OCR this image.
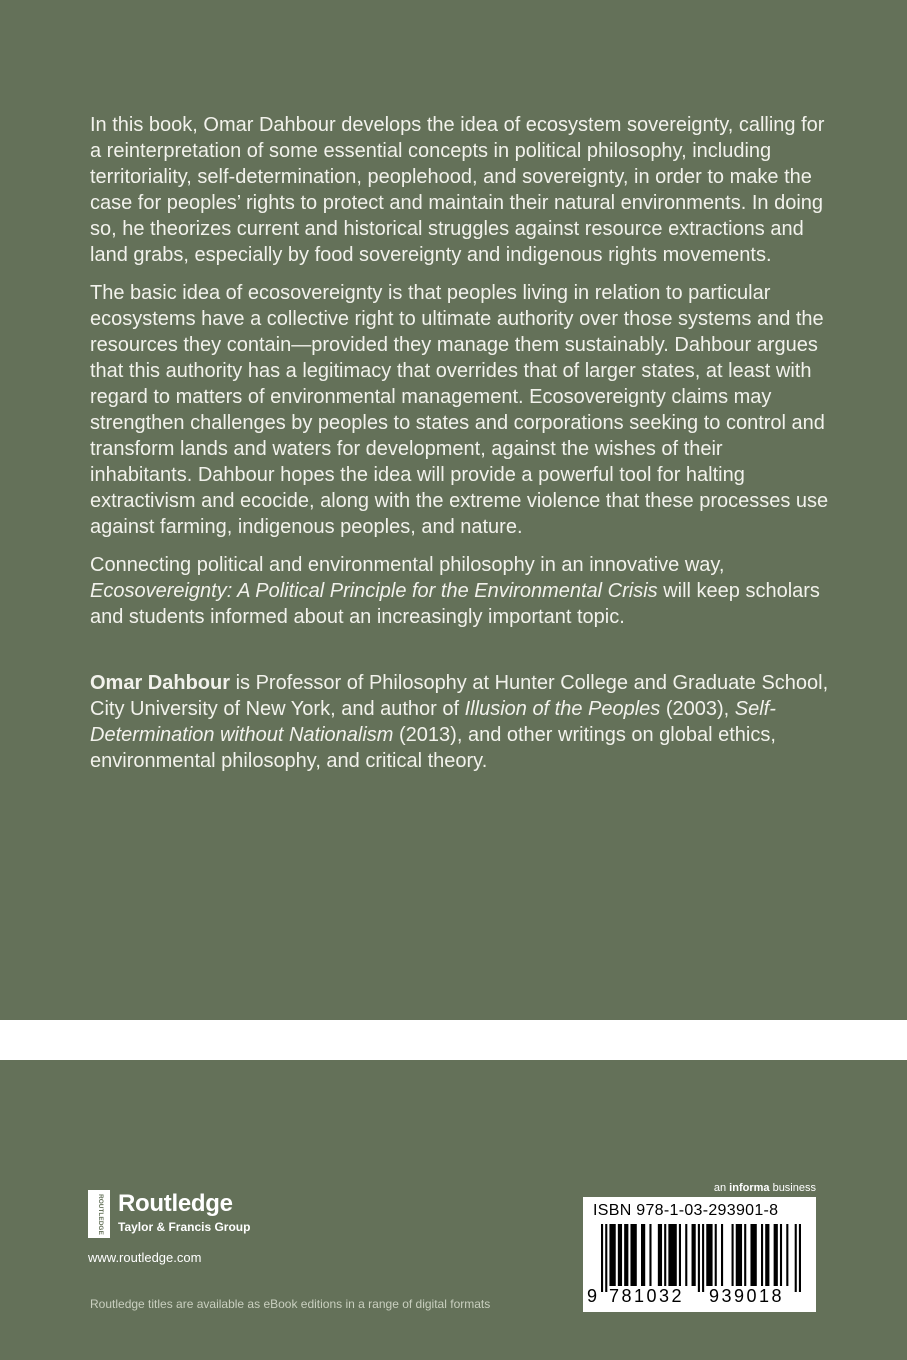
In this book, Omar Dahbour develops the idea of ecosystem sovereignty, calling for a reinterpretation of some essential concepts in political philosophy, including territoriality, self-determination, peoplehood, and sovereignty, in order to make the case for peoples’ rights to protect and maintain their natural environments. In doing so, he theorizes current and historical struggles against resource extractions and land grabs, especially by food sovereignty and indigenous rights movements.

The basic idea of ecosovereignty is that peoples living in relation to particular ecosystems have a collective right to ultimate authority over those systems and the resources they contain—provided they manage them sustainably. Dahbour argues that this authority has a legitimacy that overrides that of larger states, at least with regard to matters of environmental management. Ecosovereignty claims may strengthen challenges by peoples to states and corporations seeking to control and transform lands and waters for development, against the wishes of their inhabitants. Dahbour hopes the idea will provide a powerful tool for halting extractivism and ecocide, along with the extreme violence that these processes use against farming, indigenous peoples, and nature.

Connecting political and environmental philosophy in an innovative way, Ecosovereignty: A Political Principle for the Environmental Crisis will keep scholars and students informed about an increasingly important topic.

Omar Dahbour is Professor of Philosophy at Hunter College and Graduate School, City University of New York, and author of Illusion of the Peoples (2003), Self-Determination without Nationalism (2013), and other writings on global ethics, environmental philosophy, and critical theory.

ROUTLEDGE Routledge
Taylor & Francis Group
www.routledge.com
Routledge titles are available as eBook editions in a range of digital formats
an informa business
ISBN 978-1-03-293901-8
9 781032 939018
